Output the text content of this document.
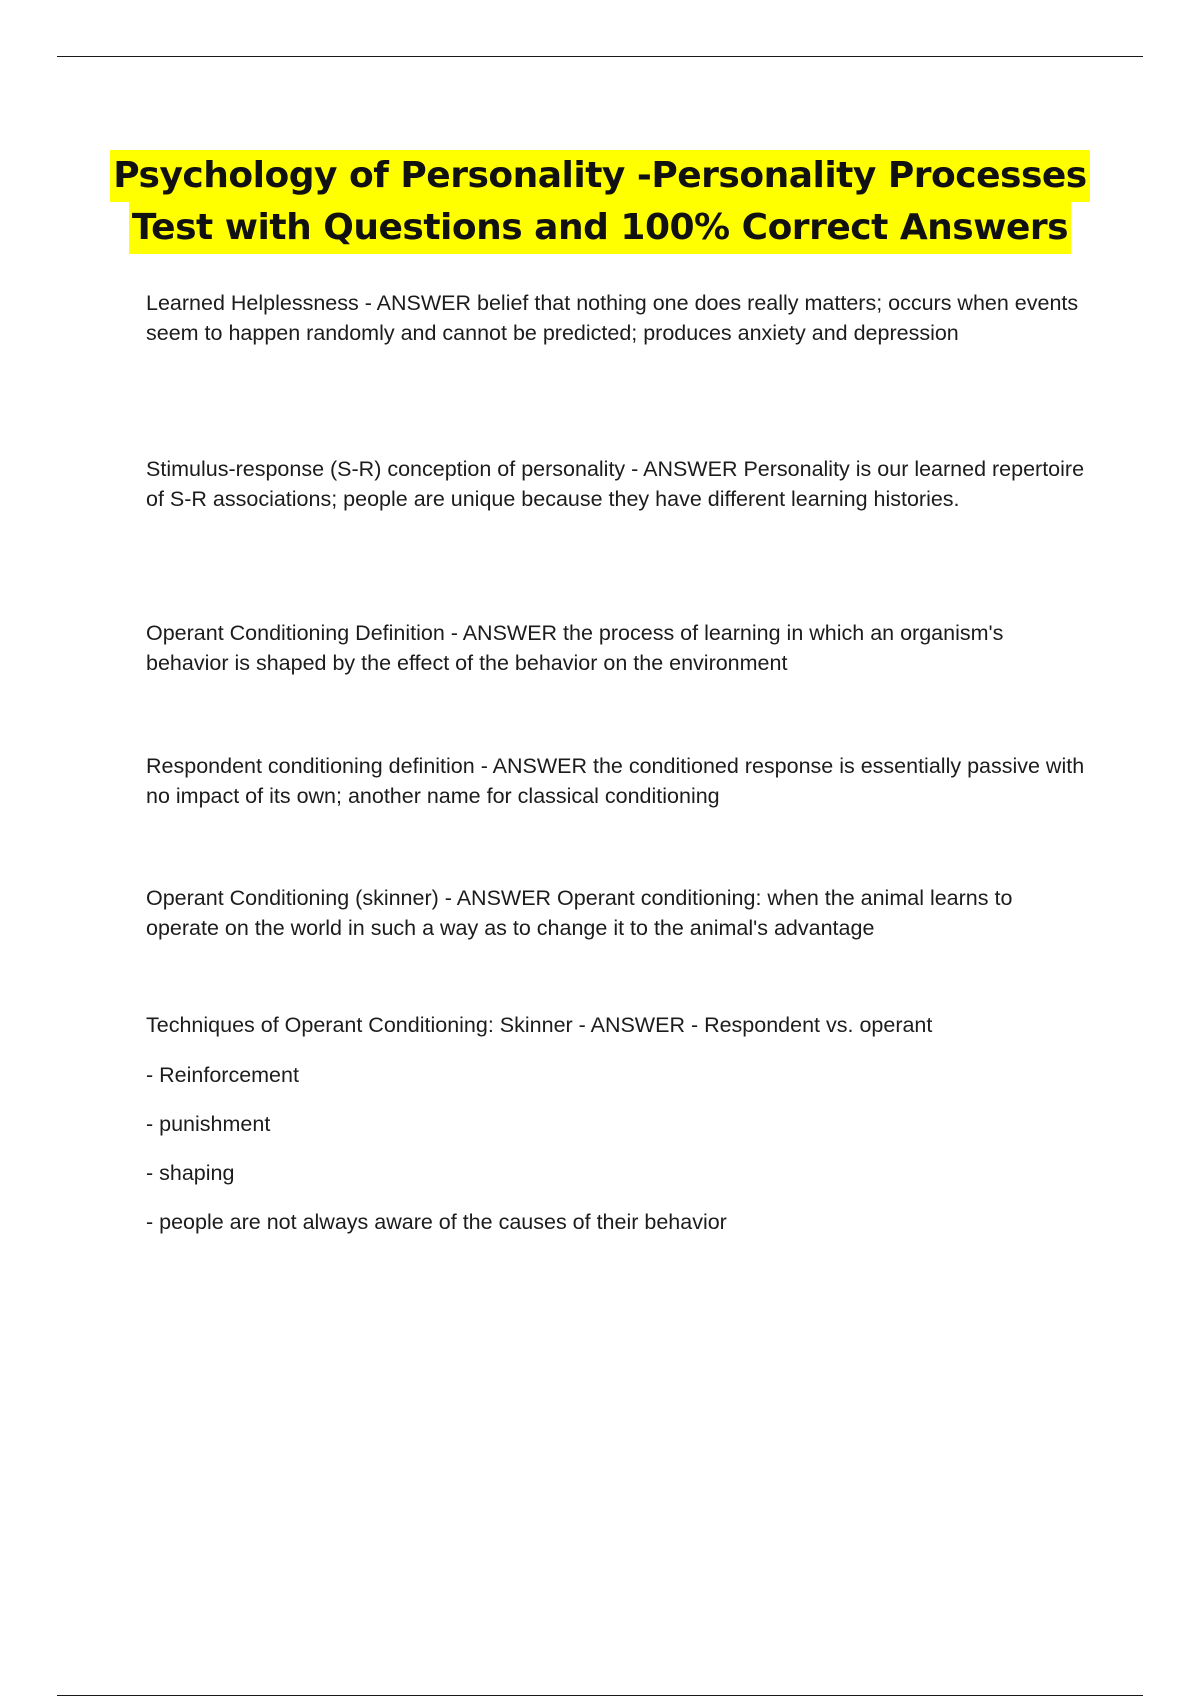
Psychology of Personality -Personality Processes
Test with Questions and 100% Correct Answers
Learned Helplessness - ANSWER belief that nothing one does really matters; occurs when events seem to happen randomly and cannot be predicted; produces anxiety and depression
Stimulus-response (S-R) conception of personality - ANSWER Personality is our learned repertoire of S-R associations; people are unique because they have different learning histories.
Operant Conditioning Definition - ANSWER the process of learning in which an organism's behavior is shaped by the effect of the behavior on the environment
Respondent conditioning definition - ANSWER the conditioned response is essentially passive with no impact of its own; another name for classical conditioning
Operant Conditioning (skinner) - ANSWER Operant conditioning: when the animal learns to operate on the world in such a way as to change it to the animal's advantage
Techniques of Operant Conditioning: Skinner - ANSWER - Respondent vs. operant
- Reinforcement
- punishment
- shaping
- people are not always aware of the causes of their behavior
